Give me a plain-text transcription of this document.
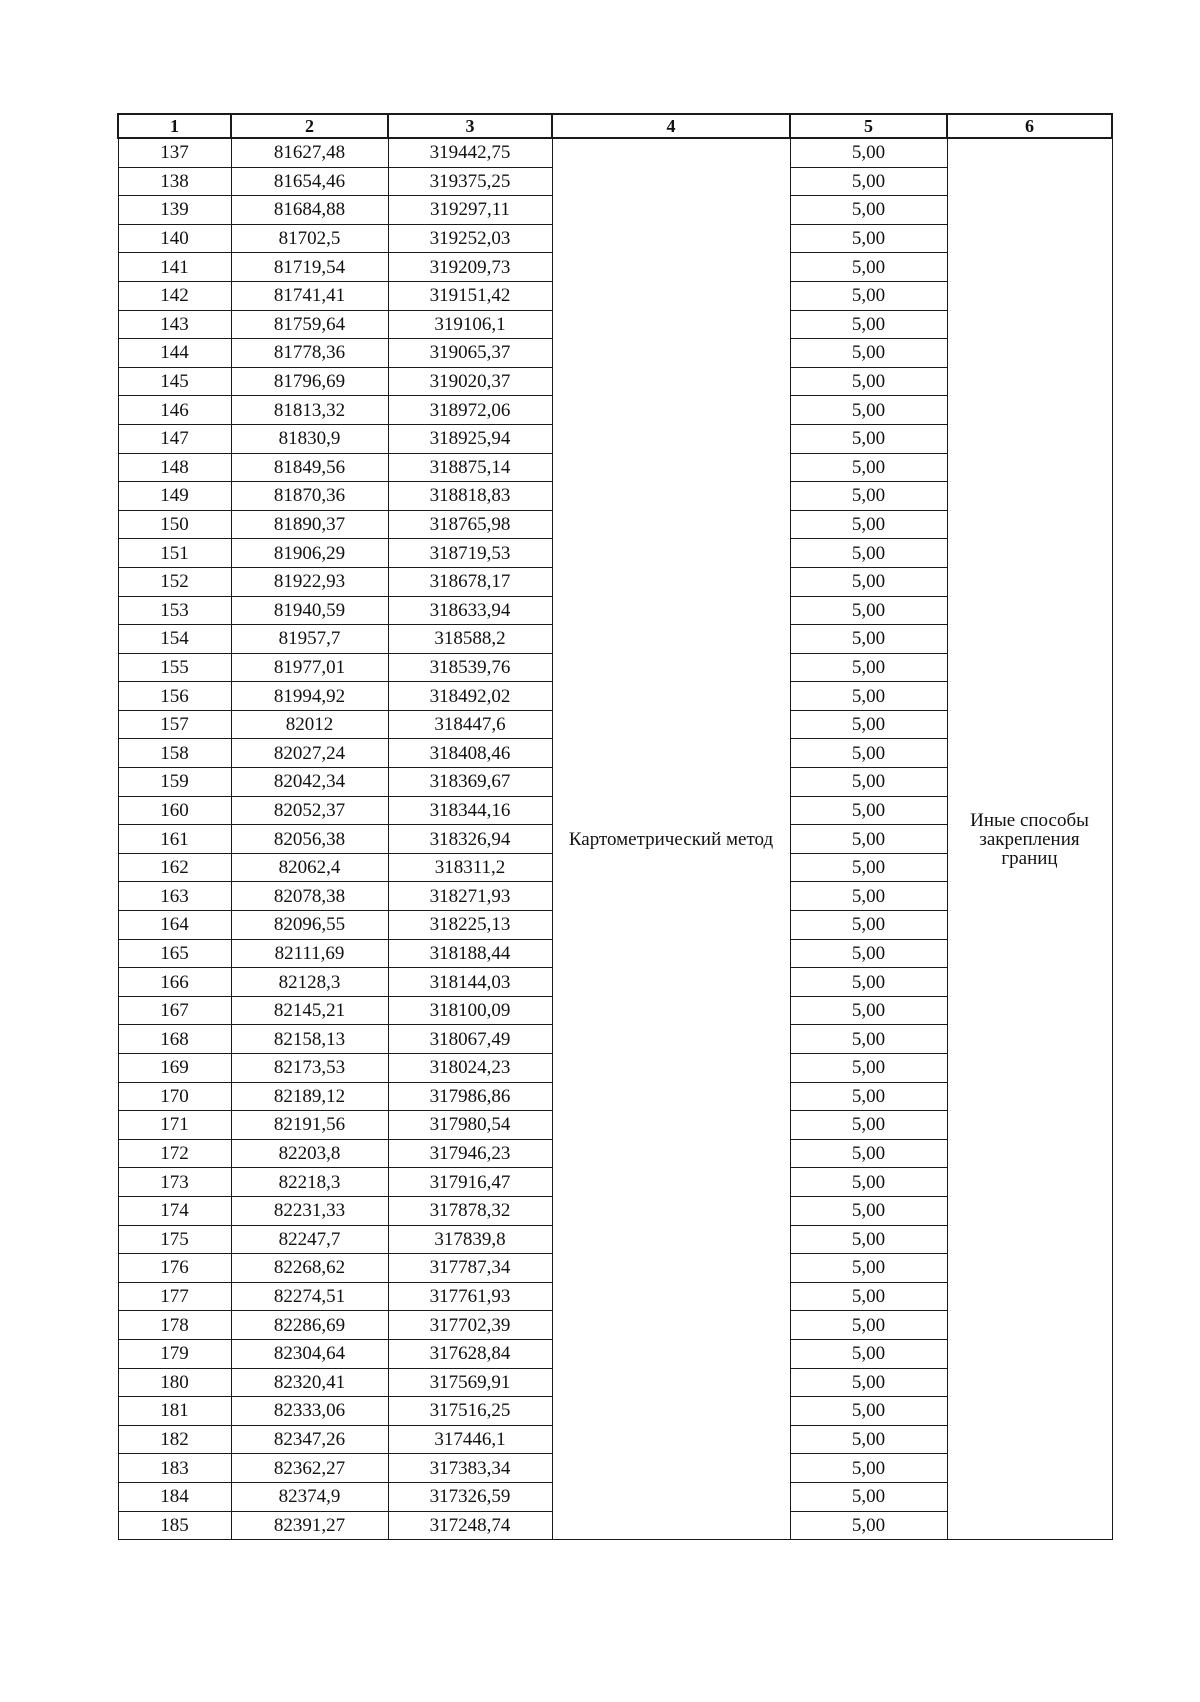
1	2	3	4	5	6
137	81627,48	319442,75	Картометрический метод	5,00	Иные способы
закрепления
границ

138	81654,46	319375,25		5,00	
139	81684,88	319297,11		5,00	
140	81702,5	319252,03		5,00	
141	81719,54	319209,73		5,00	
142	81741,41	319151,42		5,00	
143	81759,64	319106,1		5,00	
144	81778,36	319065,37		5,00	
145	81796,69	319020,37		5,00	
146	81813,32	318972,06		5,00	
147	81830,9	318925,94		5,00	
148	81849,56	318875,14		5,00	
149	81870,36	318818,83		5,00	
150	81890,37	318765,98		5,00	
151	81906,29	318719,53		5,00	
152	81922,93	318678,17		5,00	
153	81940,59	318633,94		5,00	
154	81957,7	318588,2		5,00	
155	81977,01	318539,76		5,00	
156	81994,92	318492,02		5,00	
157	82012	318447,6		5,00	
158	82027,24	318408,46		5,00	
159	82042,34	318369,67		5,00	
160	82052,37	318344,16		5,00	
161	82056,38	318326,94		5,00	
162	82062,4	318311,2		5,00	
163	82078,38	318271,93		5,00	
164	82096,55	318225,13		5,00	
165	82111,69	318188,44		5,00	
166	82128,3	318144,03		5,00	
167	82145,21	318100,09		5,00	
168	82158,13	318067,49		5,00	
169	82173,53	318024,23		5,00	
170	82189,12	317986,86		5,00	
171	82191,56	317980,54		5,00	
172	82203,8	317946,23		5,00	
173	82218,3	317916,47		5,00	
174	82231,33	317878,32		5,00	
175	82247,7	317839,8		5,00	
176	82268,62	317787,34		5,00	
177	82274,51	317761,93		5,00	
178	82286,69	317702,39		5,00	
179	82304,64	317628,84		5,00	
180	82320,41	317569,91		5,00	
181	82333,06	317516,25		5,00	
182	82347,26	317446,1		5,00	
183	82362,27	317383,34		5,00	
184	82374,9	317326,59		5,00	
185	82391,27	317248,74		5,00	
